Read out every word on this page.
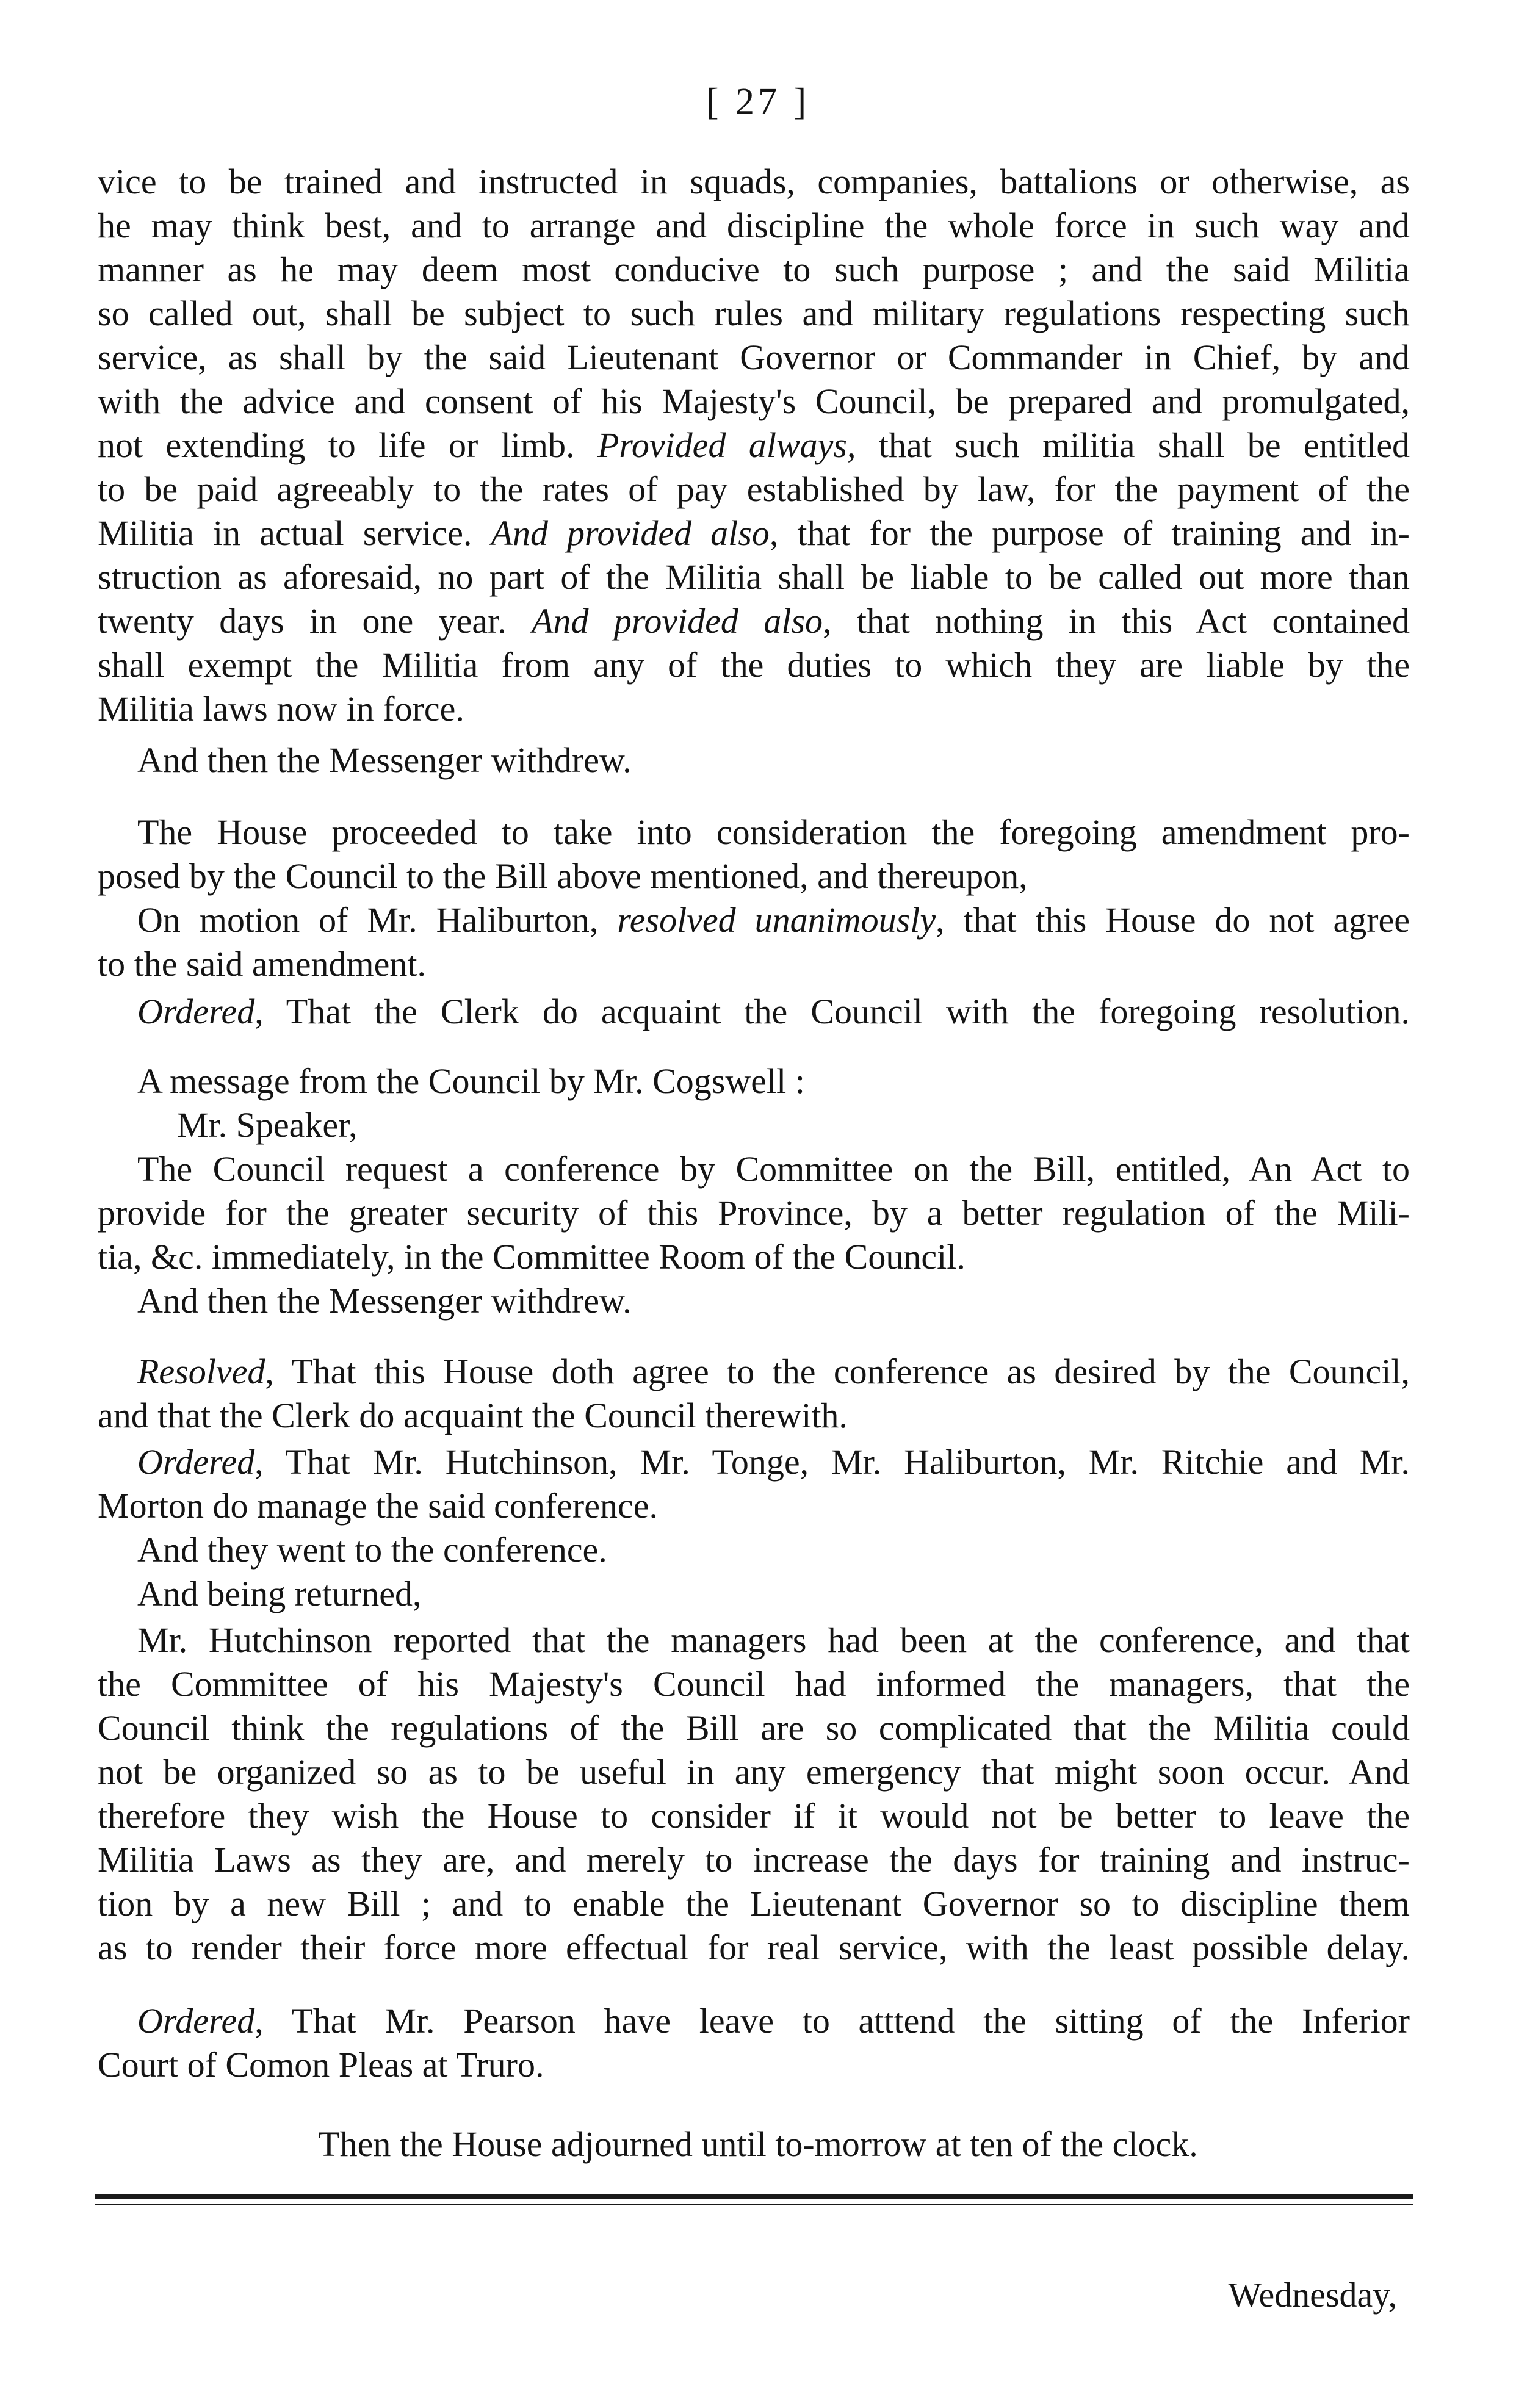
[ 27 ]
vice to be trained and instructed in squads, companies, battalions or otherwise, as
he may think best, and to arrange and discipline the whole force in such way and
manner as he may deem most conducive to such purpose ; and the said Militia
so called out, shall be subject to such rules and military regulations respecting such
service, as shall by the said Lieutenant Governor or Commander in Chief, by and
with the advice and consent of his Majesty's Council, be prepared and promulgated,
not extending to life or limb. Provided always, that such militia shall be entitled
to be paid agreeably to the rates of pay established by law, for the payment of the
Militia in actual service. And provided also, that for the purpose of training and in-
struction as aforesaid, no part of the Militia shall be liable to be called out more than
twenty days in one year. And provided also, that nothing in this Act contained
shall exempt the Militia from any of the duties to which they are liable by the
Militia laws now in force.
And then the Messenger withdrew.
The House proceeded to take into consideration the foregoing amendment pro-
posed by the Council to the Bill above mentioned, and thereupon,
On motion of Mr. Haliburton, resolved unanimously, that this House do not agree
to the said amendment.
Ordered, That the Clerk do acquaint the Council with the foregoing resolution.
A message from the Council by Mr. Cogswell :
Mr. Speaker,
The Council request a conference by Committee on the Bill, entitled, An Act to
provide for the greater security of this Province, by a better regulation of the Mili-
tia, &c. immediately, in the Committee Room of the Council.
And then the Messenger withdrew.
Resolved, That this House doth agree to the conference as desired by the Council,
and that the Clerk do acquaint the Council therewith.
Ordered, That Mr. Hutchinson, Mr. Tonge, Mr. Haliburton, Mr. Ritchie and Mr.
Morton do manage the said conference.
And they went to the conference.
And being returned,
Mr. Hutchinson reported that the managers had been at the conference, and that
the Committee of his Majesty's Council had informed the managers, that the
Council think the regulations of the Bill are so complicated that the Militia could
not be organized so as to be useful in any emergency that might soon occur. And
therefore they wish the House to consider if it would not be better to leave the
Militia Laws as they are, and merely to increase the days for training and instruc-
tion by a new Bill ; and to enable the Lieutenant Governor so to discipline them
as to render their force more effectual for real service, with the least possible delay.
Ordered, That Mr. Pearson have leave to atttend the sitting of the Inferior
Court of Comon Pleas at Truro.
Then the House adjourned until to-morrow at ten of the clock.
Wednesday,
